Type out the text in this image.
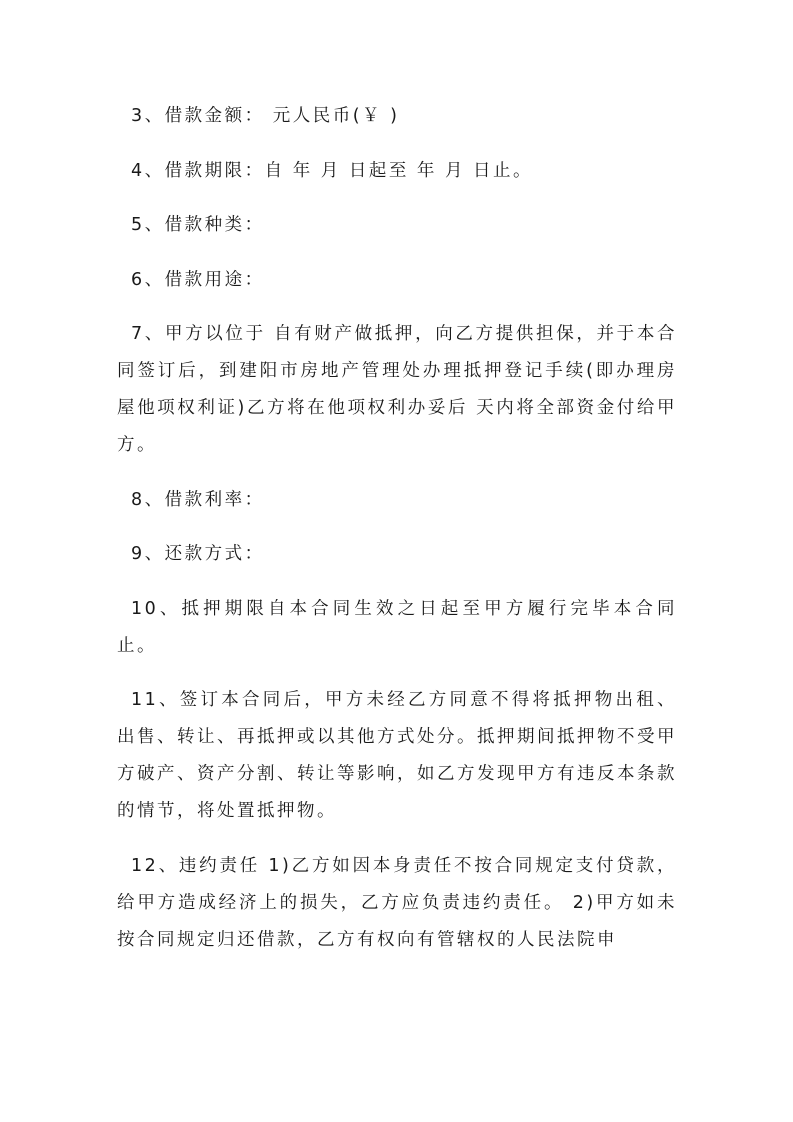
3、借款金额： 元人民币(￥ )

4、借款期限：自 年 月 日起至 年 月 日止。

5、借款种类：

6、借款用途：

7、甲方以位于 自有财产做抵押，向乙方提供担保，并于本合同签订后，到建阳市房地产管理处办理抵押登记手续(即办理房屋他项权利证)乙方将在他项权利办妥后 天内将全部资金付给甲方。

8、借款利率：

9、还款方式：

10、抵押期限自本合同生效之日起至甲方履行完毕本合同止。

11、签订本合同后，甲方未经乙方同意不得将抵押物出租、出售、转让、再抵押或以其他方式处分。抵押期间抵押物不受甲方破产、资产分割、转让等影响，如乙方发现甲方有违反本条款的情节，将处置抵押物。

12、违约责任 1)乙方如因本身责任不按合同规定支付贷款，给甲方造成经济上的损失，乙方应负责违约责任。 2)甲方如未按合同规定归还借款，乙方有权向有管辖权的人民法院申
